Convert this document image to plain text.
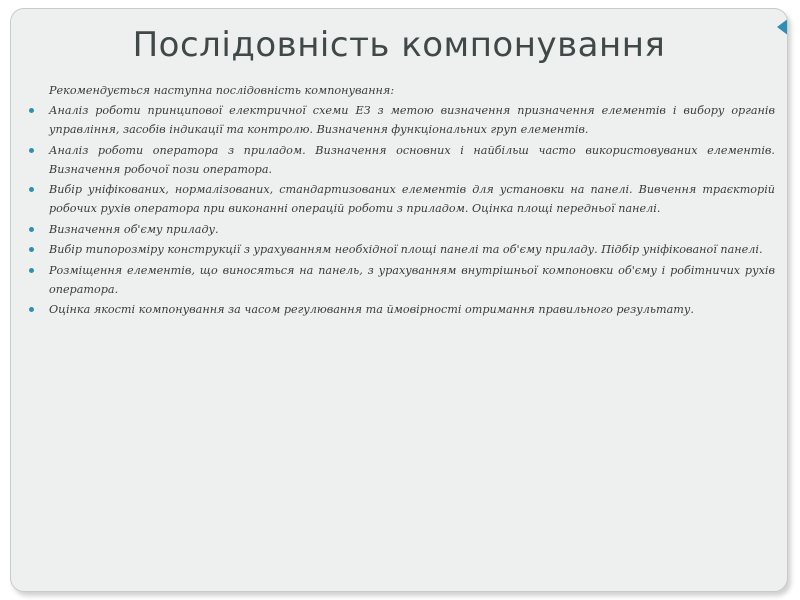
Послідовність компонування

Рекомендується наступна послідовність компонування:

Аналіз роботи принципової електричної схеми ЕЗ з метою визначення призначення елементів і вибору органів управління, засобів індикації та контролю. Визначення функціональних груп елементів.
Аналіз роботи оператора з приладом. Визначення основних і найбільш часто використовуваних елементів. Визначення робочої пози оператора.
Вибір уніфікованих, нормалізованих, стандартизованих елементів для установки на панелі. Вивчення траєкторій робочих рухів оператора при виконанні операцій роботи з приладом. Оцінка площі передньої панелі.
Визначення об'єму приладу.
Вибір типорозміру конструкції з урахуванням необхідної площі панелі та об'єму приладу. Підбір уніфікованої панелі.
Розміщення елементів, що виносяться на панель, з урахуванням внутрішньої компоновки об'єму і робітничих рухів оператора.
Оцінка якості компонування за часом регулювання та ймовірності отримання правильного результату.
